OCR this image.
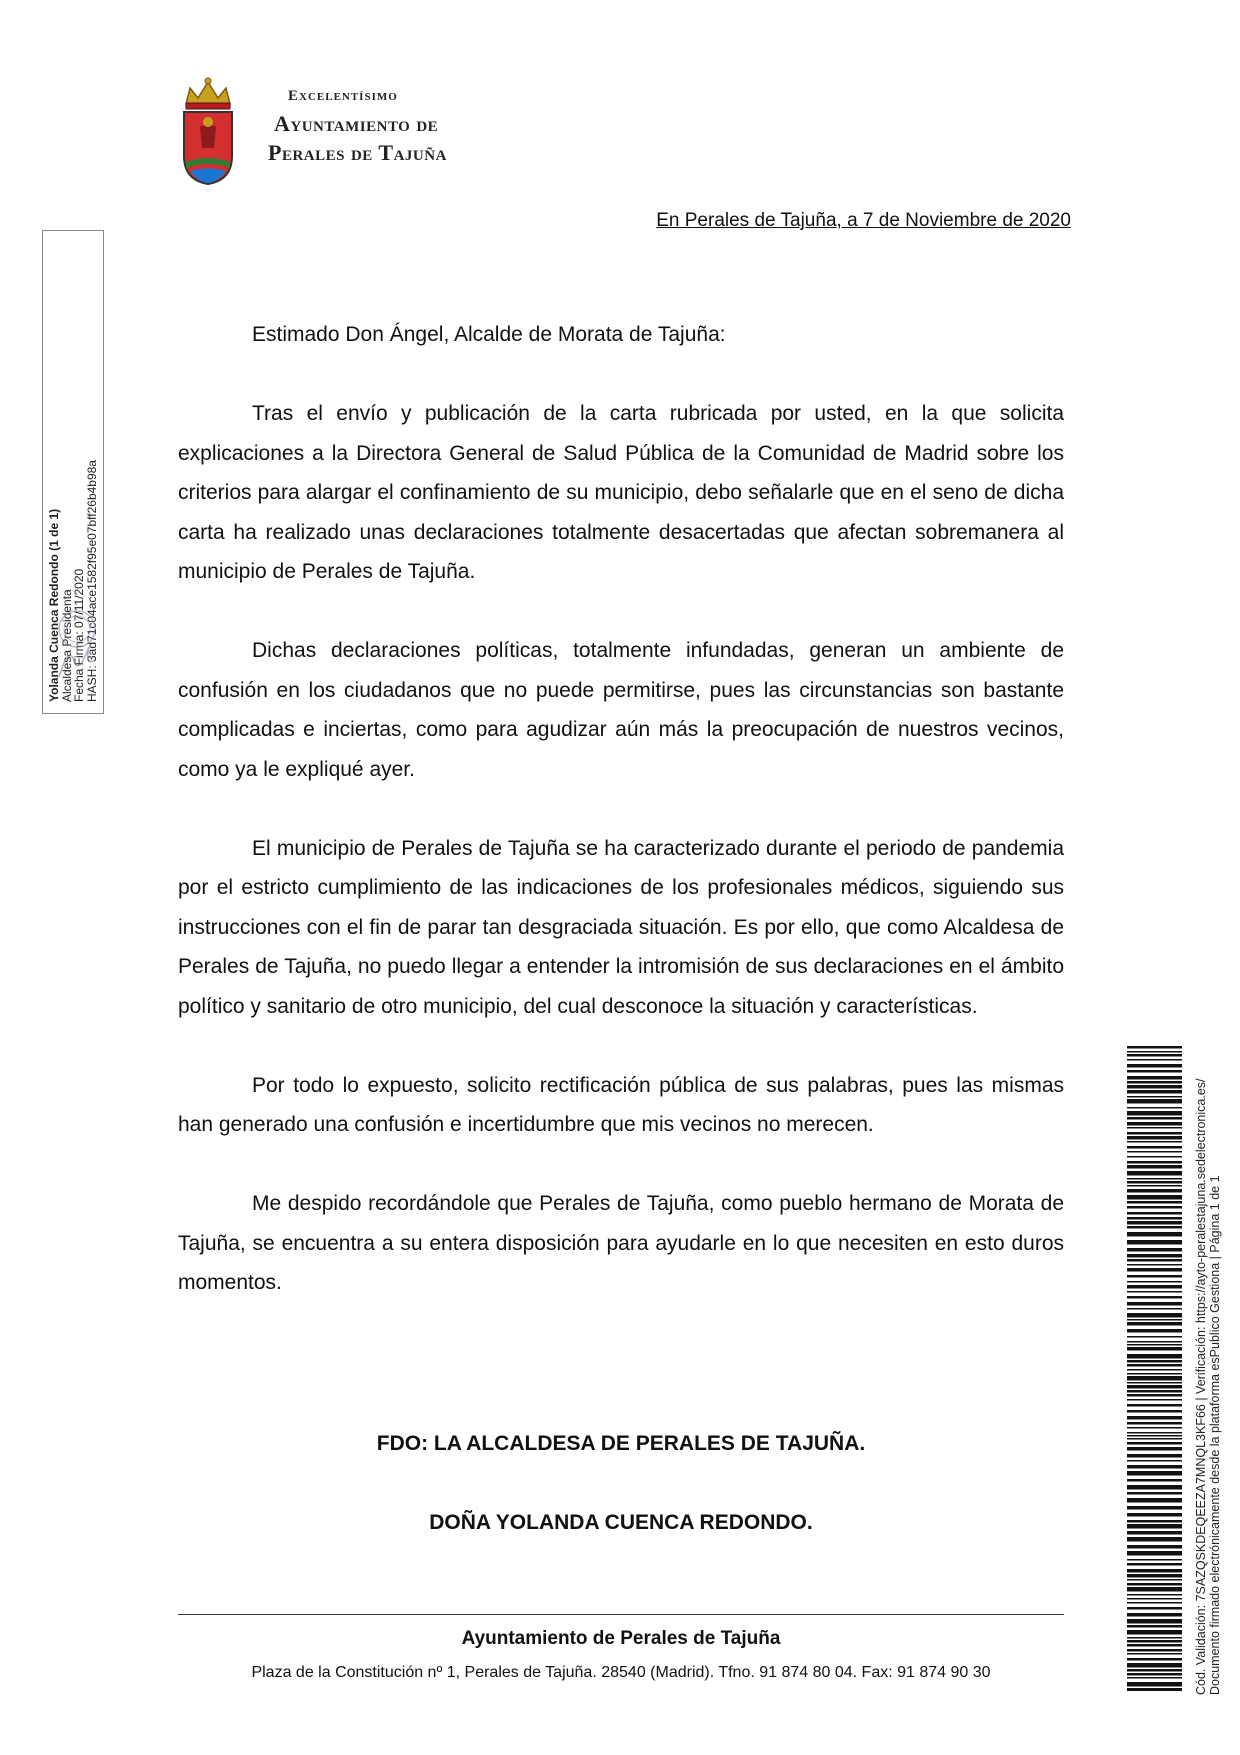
Excelentísimo
Ayuntamiento de
Perales de Tajuña
En Perales de Tajuña, a 7 de Noviembre de 2020
Yolanda Cuenca Redondo (1 de 1)
Alcaldesa Presidenta
Fecha Firma: 07/11/2020
HASH: 3ad71c04ace1582f95e07bff26b4b98a

Estimado Don Ángel, Alcalde de Morata de Tajuña:

Tras el envío y publicación de la carta rubricada por usted, en la que solicita explicaciones a la Directora General de Salud Pública de la Comunidad de Madrid sobre los criterios para alargar el confinamiento de su municipio, debo señalarle que en el seno de dicha carta ha realizado unas declaraciones totalmente desacertadas que afectan sobremanera al municipio de Perales de Tajuña.

Dichas declaraciones políticas, totalmente infundadas, generan un ambiente de confusión en los ciudadanos que no puede permitirse, pues las circunstancias son bastante complicadas e inciertas, como para agudizar aún más la preocupación de nuestros vecinos, como ya le expliqué ayer.

El municipio de Perales de Tajuña se ha caracterizado durante el periodo de pandemia por el estricto cumplimiento de las indicaciones de los profesionales médicos, siguiendo sus instrucciones con el fin de parar tan desgraciada situación. Es por ello, que como Alcaldesa de Perales de Tajuña, no puedo llegar a entender la intromisión de sus declaraciones en el ámbito político y sanitario de otro municipio, del cual desconoce la situación y características.

Por todo lo expuesto, solicito rectificación pública de sus palabras, pues las mismas han generado una confusión e incertidumbre que mis vecinos no merecen.

Me despido recordándole que Perales de Tajuña, como pueblo hermano de Morata de Tajuña, se encuentra a su entera disposición para ayudarle en lo que necesiten en esto duros momentos.

FDO: LA ALCALDESA DE PERALES DE TAJUÑA.
DOÑA YOLANDA CUENCA REDONDO.
Ayuntamiento de Perales de Tajuña
Plaza de la Constitución nº 1, Perales de Tajuña. 28540 (Madrid). Tfno. 91 874 80 04. Fax: 91 874 90 30	Cód. Validación: 7SAZQSKDEQEEZA7MNQL3KF66 | Verificación: https://ayto-peralestajuna.sedelectronica.es/ Documento firmado electrónicamente desde la plataforma esPublico Gestiona | Página 1 de 1
